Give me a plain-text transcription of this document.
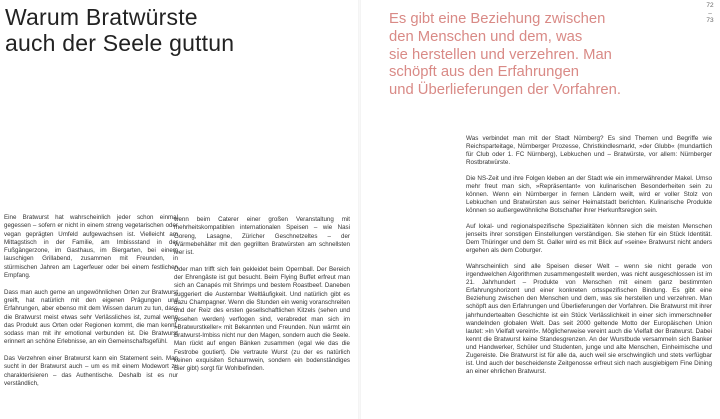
72
–
73
Warum Bratwürste
auch der Seele guttun
Es gibt eine Beziehung zwischen
den Menschen und dem, was
sie herstellen und verzehren. Man
schöpft aus den Erfahrungen
und Überlieferungen der Vorfahren.

Eine Bratwurst hat wahrscheinlich jeder schon einmal gegessen – sofern er nicht in einem streng vegetarischen oder vegan geprägten Umfeld aufgewachsen ist. Vielleicht am Mittagstisch in der Familie, am Imbissstand in der Fußgängerzone, im Gasthaus, im Biergarten, bei einem lauschigen Grillabend, zusammen mit Freunden, in stürmischen Jahren am Lagerfeuer oder bei einem festlichen Empfang.

Dass man auch gerne an ungewöhnlichen Orten zur Bratwurst greift, hat natürlich mit den eigenen Prägungen und Erfahrungen, aber ebenso mit dem Wissen darum zu tun, dass die Bratwurst meist etwas sehr Verlässliches ist, zumal wenn das Produkt aus Orten oder Regionen kommt, die man kennt, sodass man mit ihr emotional verbunden ist. Die Bratwurst erinnert an schöne Erlebnisse, an ein Gemeinschaftsgefühl.

Das Verzehren einer Bratwurst kann ein Statement sein. Man sucht in der Bratwurst auch – um es mit einem Modewort zu charakterisieren – das Authentische. Deshalb ist es nur verständlich,

wenn beim Caterer einer großen Veranstaltung mit mehrheitskompatiblen internationalen Speisen – wie Nasi Goreng, Lasagne, Züricher Geschnetzeltes – der Wärmebehälter mit den gegrillten Bratwürsten am schnellsten leer ist.

Oder man trifft sich fein gekleidet beim Opernball. Der Bereich der Ehrengäste ist gut besucht. Beim Flying Buffet erfreut man sich an Canapés mit Shrimps und bestem Roastbeef. Daneben suggeriert die Austernbar Weltläufigkeit. Und natürlich gibt es dazu Champagner. Wenn die Stunden ein wenig voranschreiten und der Reiz des ersten gesellschaftlichen Kitzels (sehen und gesehen werden) verflogen sind, verabredet man sich im »Bratwurstkeller« mit Bekannten und Freunden. Nun wärmt ein Bratwurst-Imbiss nicht nur den Magen, sondern auch die Seele. Man rückt auf engen Bänken zusammen (egal wie das die Festrobe goutiert). Die vertraute Wurst (zu der es natürlich keinen exquisiten Schaumwein, sondern ein bodenständiges Bier gibt) sorgt für Wohlbefinden.

Was verbindet man mit der Stadt Nürnberg? Es sind Themen und Begriffe wie Reichsparteitage, Nürnberger Prozesse, Christkindlesmarkt, »der Glubb« (mundartlich für Club oder 1. FC Nürnberg), Lebkuchen und – Bratwürste, vor allem: Nürnberger Rostbratwürste.

Die NS-Zeit und ihre Folgen kleben an der Stadt wie ein immerwährender Makel. Umso mehr freut man sich, »Repräsentant« von kulinarischen Besonderheiten sein zu können. Wenn ein Nürnberger in fernen Ländern weilt, wird er voller Stolz von Lebkuchen und Bratwürsten aus seiner Heimatstadt berichten. Kulinarische Produkte können so außergewöhnliche Botschafter ihrer Herkunftsregion sein.

Auf lokal- und regionalspezifische Spezialitäten können sich die meisten Menschen jenseits ihrer sonstigen Einstellungen verständigen. Sie stehen für ein Stück Identität. Dem Thüringer und dem St. Galler wird es mit Blick auf »seine« Bratwurst nicht anders ergehen als dem Coburger.

Wahrscheinlich sind alle Speisen dieser Welt – wenn sie nicht gerade von irgendwelchen Algorithmen zusammengestellt werden, was nicht ausgeschlossen ist im 21. Jahrhundert – Produkte von Menschen mit einem ganz bestimmten Erfahrungshorizont und einer konkreten ortsspezifischen Bindung. Es gibt eine Beziehung zwischen den Menschen und dem, was sie herstellen und verzehren. Man schöpft aus den Erfahrungen und Überlieferungen der Vorfahren. Die Bratwurst mit ihrer jahrhundertealten Geschichte ist ein Stück Verlässlichkeit in einer sich immerschneller wandelnden globalen Welt. Das seit 2000 geltende Motto der Europäischen Union lautet: »In Vielfalt vereint«. Möglicherweise vereint auch die Vielfalt der Bratwurst. Dabei kennt die Bratwurst keine Standesgrenzen. An der Wurstbude versammeln sich Banker und Handwerker, Schüler und Studenten, junge und alte Menschen, Einheimische und Zugereiste. Die Bratwurst ist für alle da, auch weil sie erschwinglich und stets verfügbar ist. Und auch der bescheidenste Zeitgenosse erfreut sich nach ausgiebigem Fine Dining an einer ehrlichen Bratwurst.
